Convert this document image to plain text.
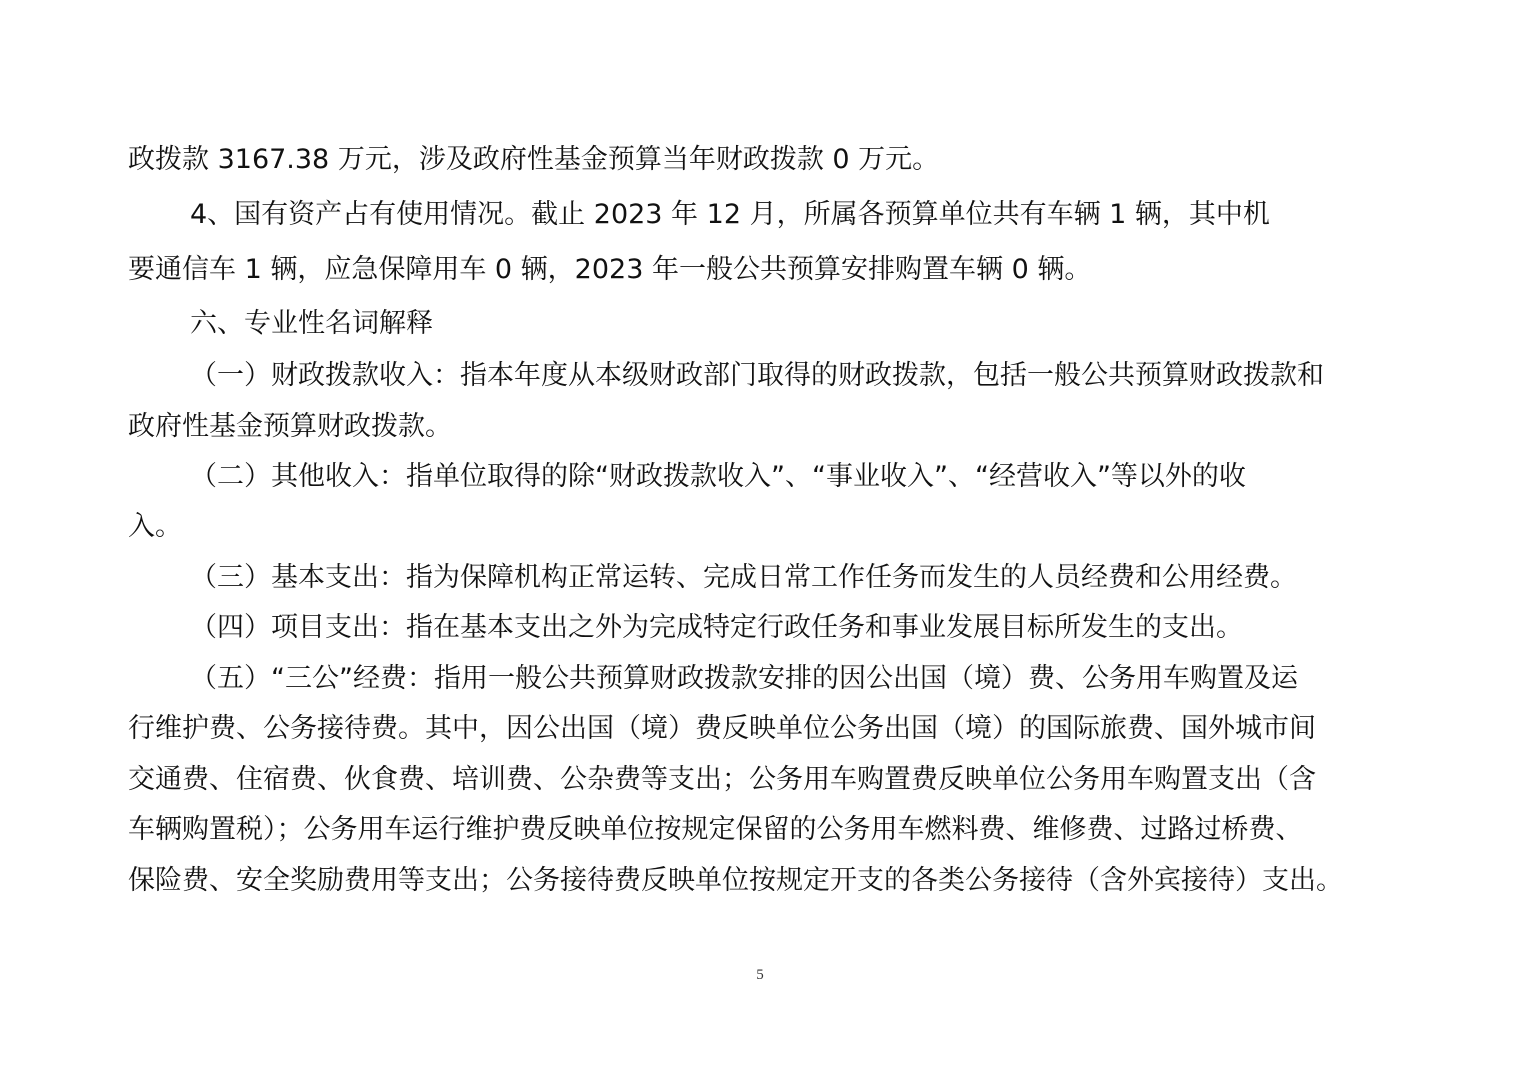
政拨款 3167.38 万元，涉及政府性基金预算当年财政拨款 0 万元。
4、国有资产占有使用情况。截止 2023 年 12 月，所属各预算单位共有车辆 1 辆，其中机
要通信车 1 辆，应急保障用车 0 辆，2023 年一般公共预算安排购置车辆 0 辆。
六、专业性名词解释
（一）财政拨款收入：指本年度从本级财政部门取得的财政拨款，包括一般公共预算财政拨款和
政府性基金预算财政拨款。
（二）其他收入：指单位取得的除“财政拨款收入”、“事业收入”、“经营收入”等以外的收
入。
（三）基本支出：指为保障机构正常运转、完成日常工作任务而发生的人员经费和公用经费。
（四）项目支出：指在基本支出之外为完成特定行政任务和事业发展目标所发生的支出。
（五）“三公”经费：指用一般公共预算财政拨款安排的因公出国（境）费、公务用车购置及运
行维护费、公务接待费。其中，因公出国（境）费反映单位公务出国（境）的国际旅费、国外城市间
交通费、住宿费、伙食费、培训费、公杂费等支出；公务用车购置费反映单位公务用车购置支出（含
车辆购置税）；公务用车运行维护费反映单位按规定保留的公务用车燃料费、维修费、过路过桥费、
保险费、安全奖励费用等支出；公务接待费反映单位按规定开支的各类公务接待（含外宾接待）支出。
5
